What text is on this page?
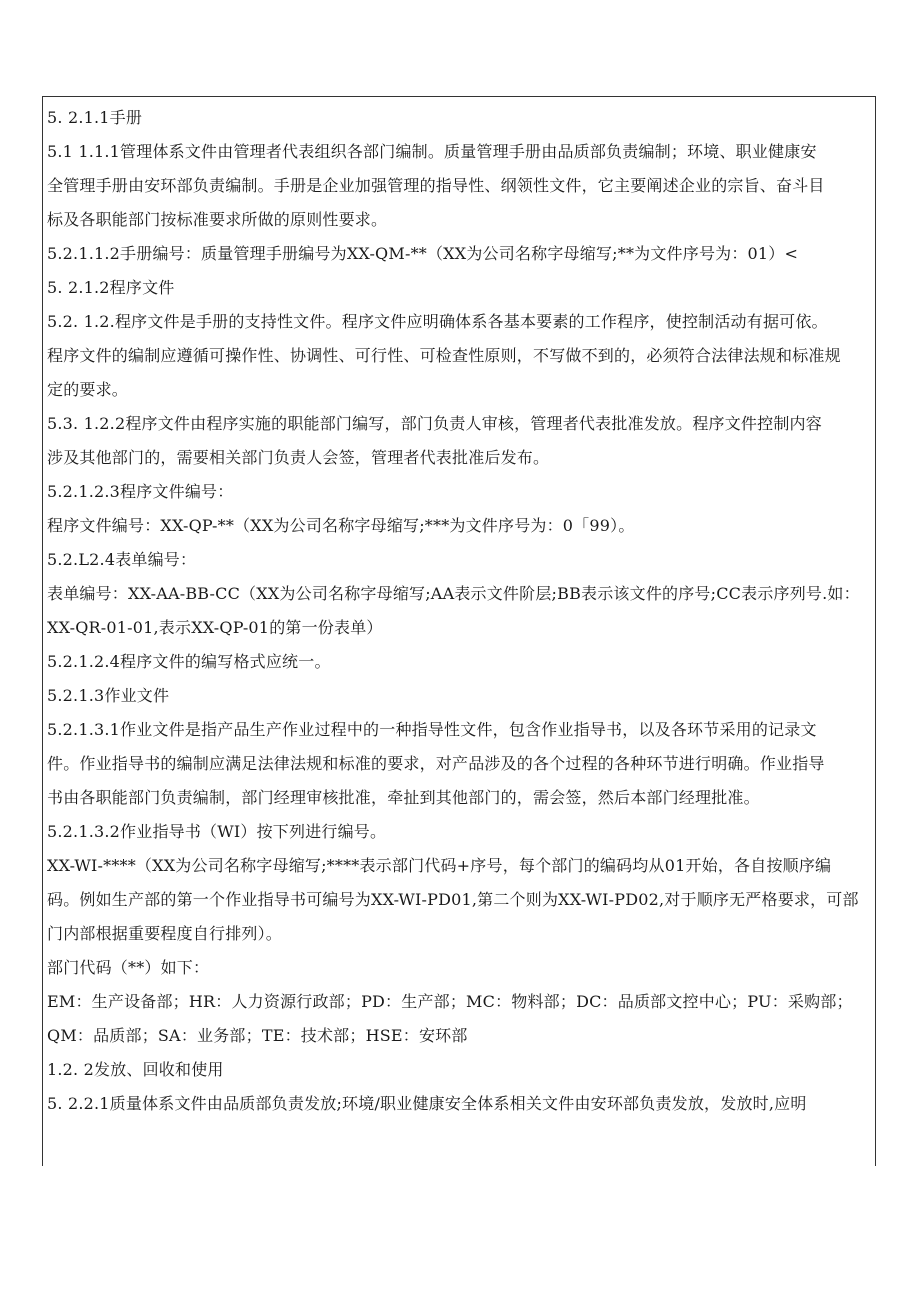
5. 2.1.1手册
5.1 1.1.1管理体系文件由管理者代表组织各部门编制。质量管理手册由品质部负责编制；环境、职业健康安
全管理手册由安环部负责编制。手册是企业加强管理的指导性、纲领性文件，它主要阐述企业的宗旨、奋斗目
标及各职能部门按标准要求所做的原则性要求。
5.2.1.1.2手册编号：质量管理手册编号为XX-QM-**（XX为公司名称字母缩写;**为文件序号为：01）<
5. 2.1.2程序文件
5.2. 1.2.程序文件是手册的支持性文件。程序文件应明确体系各基本要素的工作程序，使控制活动有据可依。
程序文件的编制应遵循可操作性、协调性、可行性、可检查性原则，不写做不到的，必须符合法律法规和标准规
定的要求。
5.3. 1.2.2程序文件由程序实施的职能部门编写，部门负责人审核，管理者代表批准发放。程序文件控制内容
涉及其他部门的，需要相关部门负责人会签，管理者代表批准后发布。
5.2.1.2.3程序文件编号：
程序文件编号：XX-QP-**（XX为公司名称字母缩写;***为文件序号为：0「99）。
5.2.L2.4表单编号：
表单编号：XX-AA-BB-CC（XX为公司名称字母缩写;AA表示文件阶层;BB表示该文件的序号;CC表示序列号.如：
XX-QR-01-01,表示XX-QP-01的第一份表单）
5.2.1.2.4程序文件的编写格式应统一。
5.2.1.3作业文件
5.2.1.3.1作业文件是指产品生产作业过程中的一种指导性文件，包含作业指导书，以及各环节采用的记录文
件。作业指导书的编制应满足法律法规和标准的要求，对产品涉及的各个过程的各种环节进行明确。作业指导
书由各职能部门负责编制，部门经理审核批准，牵扯到其他部门的，需会签，然后本部门经理批准。
5.2.1.3.2作业指导书（WI）按下列进行编号。
XX-WI-****（XX为公司名称字母缩写;****表示部门代码+序号，每个部门的编码均从01开始，各自按顺序编
码。例如生产部的第一个作业指导书可编号为XX-WI-PD01,第二个则为XX-WI-PD02,对于顺序无严格要求，可部
门内部根据重要程度自行排列）。
部门代码（**）如下：
EM：生产设备部；HR：人力资源行政部；PD：生产部；MC：物料部；DC：品质部文控中心；PU：采购部；
QM：品质部；SA：业务部；TE：技术部；HSE：安环部
1.2. 2发放、回收和使用
5. 2.2.1质量体系文件由品质部负责发放;环境/职业健康安全体系相关文件由安环部负责发放，发放时,应明
